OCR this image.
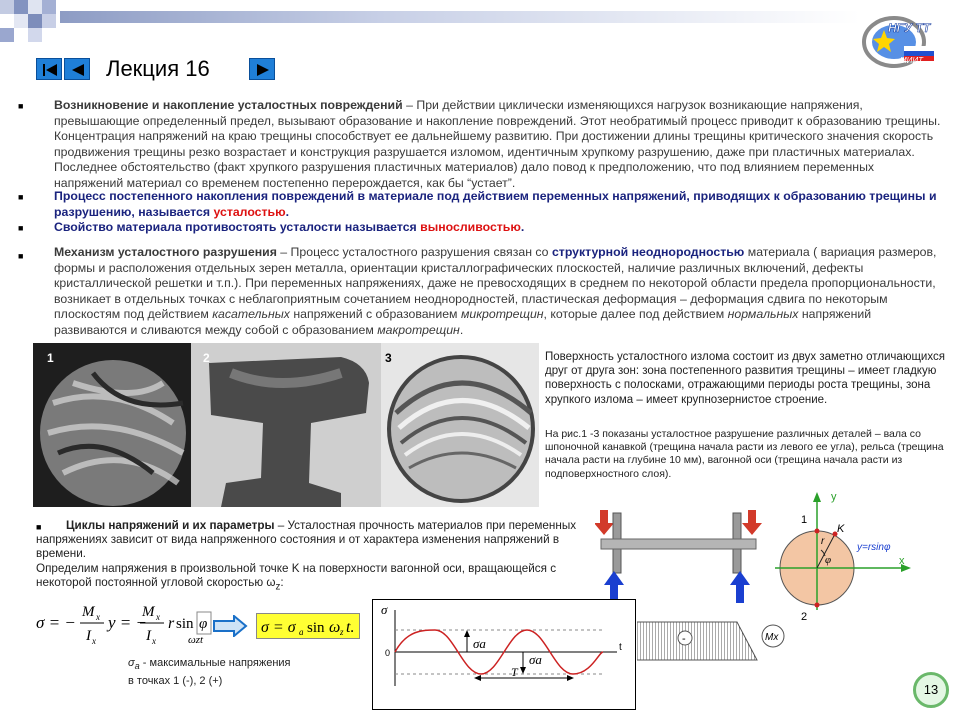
Лекция 16
НГУ ТТ
МИИТ
■ Возникновение и накопление усталостных повреждений – При действии циклически изменяющихся нагрузок возникающие напряжения, превышающие определенный предел, вызывают образование и накопление повреждений. Этот необратимый процесс приводит к образованию трещины. Концентрация напряжений на краю трещины способствует ее дальнейшему развитию. При достижении длины трещины критического значения скорость продвижения трещины резко возрастает и конструкция разрушается изломом, идентичным хрупкому разрушению, даже при пластичных материалах. Последнее обстоятельство (факт хрупкого разрушения пластичных материалов) дало повод к предположению, что под влиянием переменных напряжений материал со временем постепенно перерождается, как бы “устает”.
■ Процесс постепенного накопления повреждений в материале под действием переменных напряжений, приводящих к образованию трещины и разрушению, называется усталостью.
■ Свойство материала противостоять усталости называется выносливостью.
■ Механизм усталостного разрушения – Процесс усталостного разрушения связан со структурной неоднородностью материала ( вариация размеров, формы и расположения отдельных зерен металла, ориентации кристаллографических плоскостей, наличие различных включений, дефекты кристаллической решетки и т.п.). При переменных напряжениях, даже не превосходящих в среднем по некоторой области предела пропорциональности, возникает в отдельных точках с неблагоприятным сочетанием неоднородностей, пластическая деформация – деформация сдвига по некоторым плоскостям под действием касательных напряжений с образованием микротрещин, которые далее под действием нормальных напряжений развиваются и сливаются между собой с образованием макротрещин.
1	2	3	Поверхность усталостного излома состоит из двух заметно отличающихся друг от друга зон: зона постепенного развития трещины – имеет гладкую поверхность с полосками, отражающими периоды роста трещины, зона хрупкого излома – имеет крупнозернистое строение.
На рис.1 -3 показаны усталостное разрушение различных деталей – вала со шпоночной канавкой (трещина начала расти из левого ее угла), рельса (трещина начала расти на глубине 10 мм), вагонной оси (трещина начала расти из подповерхностного слоя).
■	Циклы напряжений и их параметры – Усталостная прочность материалов при переменных напряжениях зависит от вида напряженного состояния и от характера изменения напряжений в времени.
Определим напряжения в произвольной точке K на поверхности вагонной оси, вращающейся с некоторой постоянной угловой скоростью $\omega_z$:
σ = −
M x
I x
y = −
M x
I x
r sin φ
ωzt
σ = σ a sin ω z t.
$\sigma_a$ - максимальные напряжения
в точках 1 (-), 2 (+)
-	Mx
y
x
K
r
φ
y=rsinφ
1
2
σ
0	t
σa
σa
T
13
